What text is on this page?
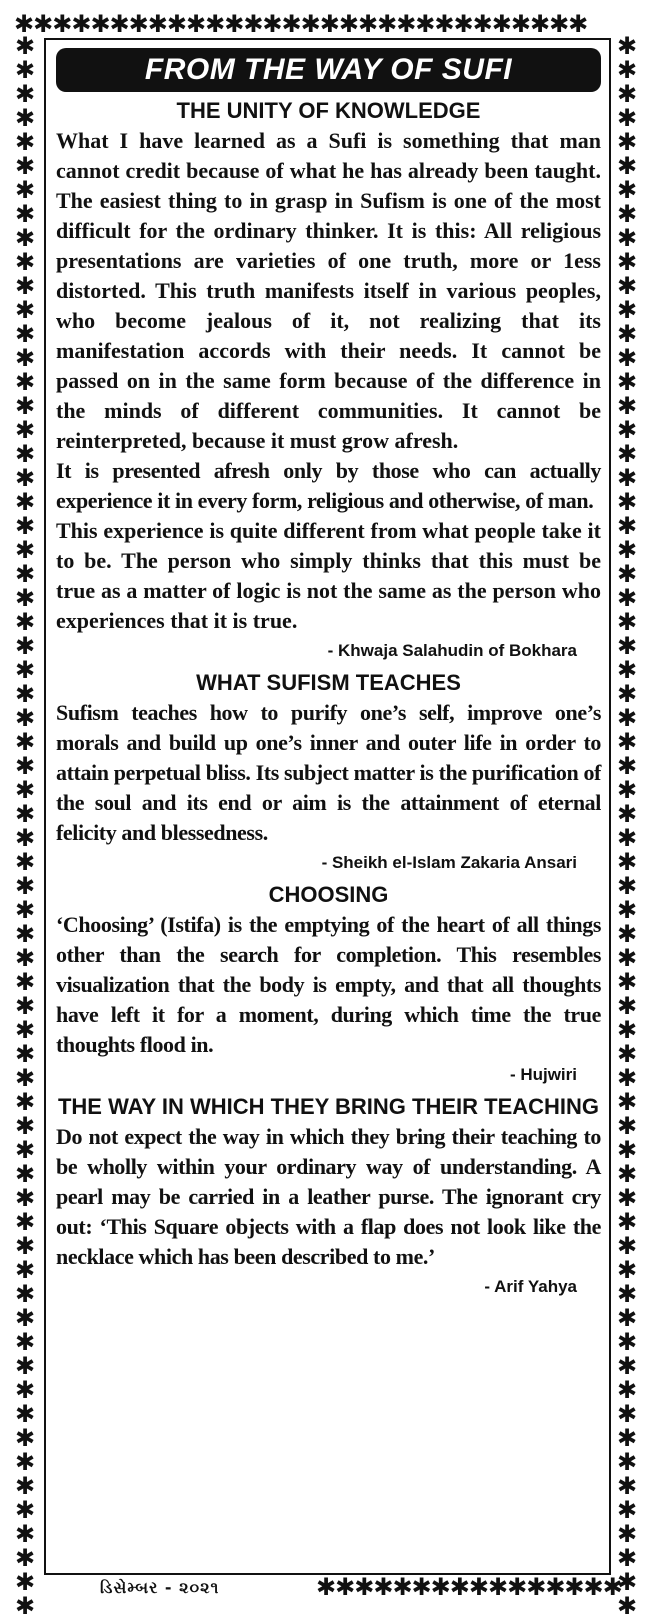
✱✱✱✱✱✱✱✱✱✱✱✱✱✱✱✱✱✱✱✱✱✱✱✱✱✱✱✱✱✱
✱✱✱✱✱✱✱✱✱✱✱✱✱✱✱✱✱✱✱✱✱✱✱✱✱✱✱✱✱✱✱✱✱✱✱✱✱✱✱✱✱✱✱✱✱✱✱✱✱✱✱✱✱✱✱✱✱✱✱✱✱✱✱✱✱✱
✱✱✱✱✱✱✱✱✱✱✱✱✱✱✱✱✱✱✱✱✱✱✱✱✱✱✱✱✱✱✱✱✱✱✱✱✱✱✱✱✱✱✱✱✱✱✱✱✱✱✱✱✱✱✱✱✱✱✱✱✱✱✱✱✱✱
✱✱✱✱✱✱✱✱✱✱✱✱✱✱✱✱
FROM THE WAY OF SUFI
THE UNITY OF KNOWLEDGE

What I have learned as a Sufi is something that man cannot credit because of what he has already been taught. The easiest thing to in grasp in Sufism is one of the most difficult for the ordinary thinker. It is this: All religious presentations are varieties of one truth, more or 1ess distorted. This truth manifests itself in various peoples, who become jealous of it, not realizing that its manifestation accords with their needs. It cannot be passed on in the same form because of the difference in the minds of different communities. It cannot be reinterpreted, because it must grow afresh.

It is presented afresh only by those who can actually experience it in every form, religious and otherwise, of man.

This experience is quite different from what people take it to be. The person who simply thinks that this must be true as a matter of logic is not the same as the person who experiences that it is true.

- Khwaja Salahudin of Bokhara
WHAT SUFISM TEACHES

Sufism teaches how to purify one’s self, improve one’s morals and build up one’s inner and outer life in order to attain perpetual bliss. Its subject matter is the purification of the soul and its end or aim is the attainment of eternal felicity and blessedness.

- Sheikh el-Islam Zakaria Ansari
CHOOSING

‘Choosing’ (Istifa) is the emptying of the heart of all things other than the search for completion. This resembles visualization that the body is empty, and that all thoughts have left it for a moment, during which time the true thoughts flood in.

- Hujwiri
THE WAY IN WHICH THEY BRING THEIR TEACHING

Do not expect the way in which they bring their teaching to be wholly within your ordinary way of understanding. A pearl may be carried in a leather purse. The ignorant cry out: ‘This Square objects with a flap does not look like the necklace which has been described to me.’

- Arif Yahya
ડિસેમ્બર - ૨૦૨૧
